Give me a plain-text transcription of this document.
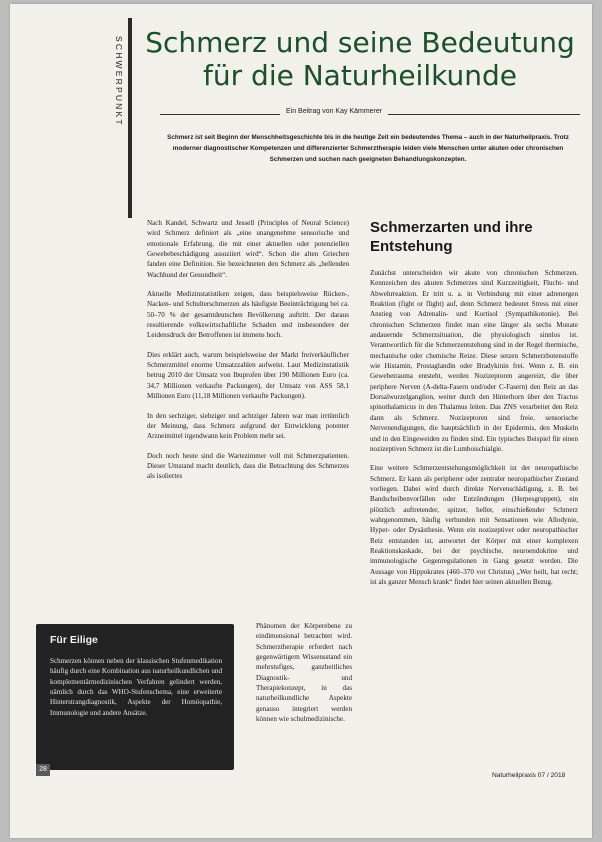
SCHWERPUNKT Schmerz und seine Bedeutung
für die Naturheilkunde
Ein Beitrag von Kay Kämmerer
Schmerz ist seit Beginn der Menschheitsgeschichte bis in die heutige Zeit ein bedeutendes Thema – auch in der Naturheilpraxis. Trotz moderner diagnostischer Kompetenzen und differenzierter Schmerztherapie leiden viele Menschen unter akuten oder chronischen Schmerzen und suchen nach geeigneten Behandlungskonzepten.

Nach Kandel, Schwartz und Jessell (Principles of Neural Science) wird Schmerz definiert als „eine unangenehme sensorische und emotionale Erfahrung, die mit einer aktuellen oder potenziellen Gewebebeschädigung assoziiert wird“. Schon die alten Griechen fanden eine Definition. Sie bezeichneten den Schmerz als „bellenden Wachhund der Gesundheit“.

Aktuelle Medizinstatistiken zeigen, dass beispielsweise Rücken-, Nacken- und Schulterschmerzen als häufigste Beeinträchtigung bei ca. 50–70 % der gesamtdeutschen Bevölkerung auftritt. Der daraus resultierende volkswirtschaftliche Schaden und insbesondere der Leidensdruck der Betroffenen ist immens hoch.

Dies erklärt auch, warum beispielsweise der Markt freiverkäuflicher Schmerzmittel enorme Umsatzzahlen aufweist. Laut Medizinstatistik betrug 2010 der Umsatz von Ibuprofen über 190 Millionen Euro (ca. 34,7 Millionen verkaufte Packungen), der Umsatz von ASS 58,1 Millionen Euro (11,18 Millionen verkaufte Packungen).

In den sechziger, siebziger und achtziger Jahren war man irrtümlich der Meinung, dass Schmerz aufgrund der Entwicklung potenter Arzneimittel irgendwann kein Problem mehr sei.

Doch noch heute sind die Wartezimmer voll mit Schmerzpatienten. Dieser Umstand macht deutlich, dass die Betrachtung des Schmerzes als isoliertes

Phänomen der Körperebene zu eindimensional betrachtet wird. Schmerztherapie erfordert nach gegenwärtigem Wissensstand ein mehrstufiges, ganzheitliches Diagnostik- und Therapiekonzept, in das naturheilkundliche Aspekte genauso integriert werden können wie schulmedizinische.
Schmerzarten und ihre Entstehung

Zunächst unterscheiden wir akute von chronischen Schmerzen. Kennzeichen des akuten Schmerzes sind Kurzzeitigkeit, Flucht- und Abwehrreaktion. Er tritt u. a. in Verbindung mit einer adrenergen Reaktion (fight or flight) auf, denn Schmerz bedeutet Stress mit einer Anstieg von Adrenalin- und Kortisol (Sympathikotonie). Bei chronischen Schmerzen findet man eine länger als sechs Monate andauernde Schmerzsituation, die physiologisch sinnlos ist. Verantwortlich für die Schmerzentstehung sind in der Regel thermische, mechanische oder chemische Reize. Diese setzen Schmerzbotenstoffe wie Histamin, Prostaglandin oder Bradykinin frei. Wenn z. B. ein Gewebetrauma entsteht, werden Nozizeptoren angereizt, die über periphere Nerven (A-delta-Fasern und/oder C-Fasern) den Reiz an das Dorsalwurzelganglion, weiter durch den Hinterhorn über den Tractus spinothalamicus in den Thalamus leiten. Das ZNS verarbeitet den Reiz dann als Schmerz. Nozizeptoren sind freie, sensorische Nervenendigungen, die hauptsächlich in der Epidermis, den Muskeln und in den Eingeweiden zu finden sind. Ein typisches Beispiel für einen nozizeptiven Schmerz ist die Lumboischialgie.

Eine weitere Schmerzentstehungsmöglichkeit ist der neuropathische Schmerz. Er kann als peripherer oder zentraler neuropathischer Zustand vorliegen. Dabei wird durch direkte Nervenschädigung, z. B. bei Bandscheibenvorfällen oder Entzündungen (Herpesgruppen), ein plötzlich auftretender, spitzer, heller, einschießender Schmerz wahrgenommen, häufig verbunden mit Sensationen wie Allodynie, Hyper- oder Dysästhesie. Wenn ein nozizeptiver oder neuropathischer Reiz entstanden ist, antwortet der Körper mit einer komplexen Reaktionskaskade, bei der psychische, neuroendokrine und immunologische Gegenregulationen in Gang gesetzt werden. Die Aussage von Hippokrates (460–370 vor Christus) „Wer heilt, hat recht; ist als ganzer Mensch krank“ findet hier seinen aktuellen Bezug.

Für Eilige
Schmerzen können neben der klassischen Stufenmedikation häufig durch eine Kombination aus naturheilkundlichen und komplementärmedizinischen Verfahren gelindert werden, nämlich durch das WHO-Stufenschema, eine erweiterte Hinterstrangdiagnostik, Aspekte der Homöopathie, Immunologie und andere Ansätze.
28
Naturheilpraxis 07 / 2018
